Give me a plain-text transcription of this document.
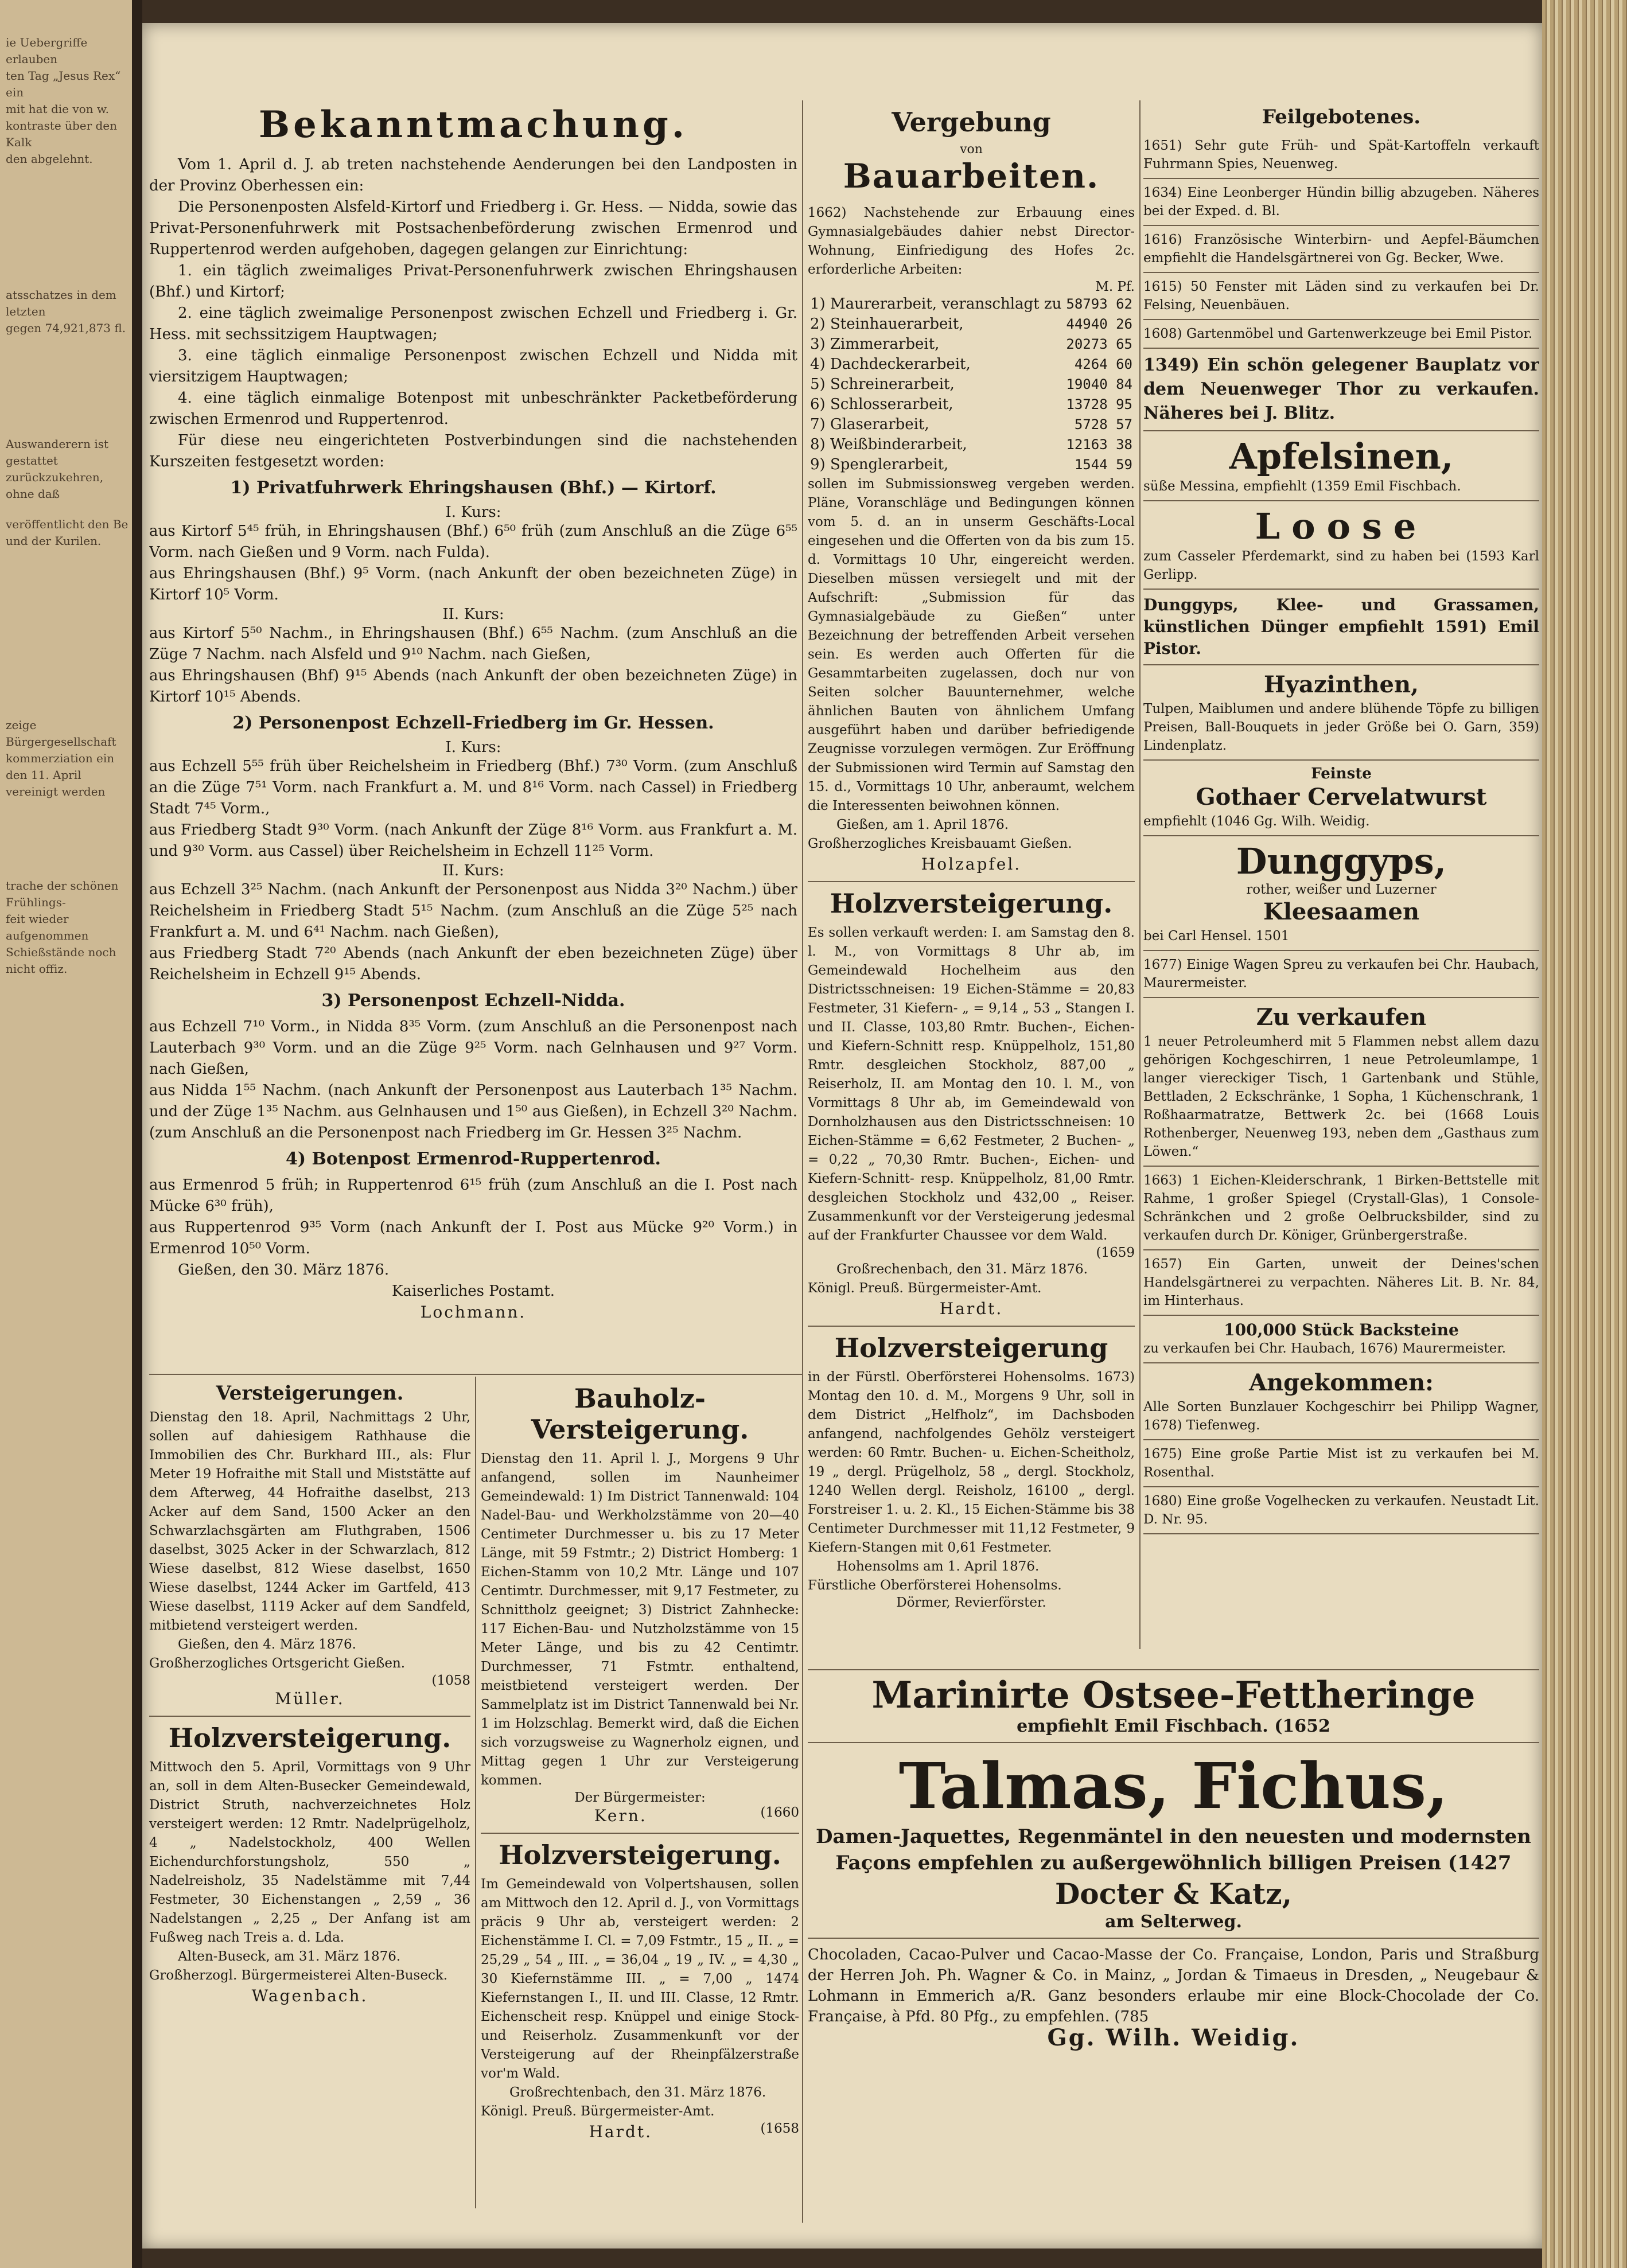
ie Uebergriffe erlauben
ten Tag „Jesus Rex“ ein
mit hat die von w.
kontraste über den Kalk
den abgelehnt.
atsschatzes in dem letzten
gegen 74,921,873 fl.
Auswanderern ist gestattet
zurückzukehren, ohne daß
veröffentlicht den Be
und der Kurilen.
zeige Bürgergesellschaft
kommerziation ein
den 11. April
vereinigt werden
trache der schönen Frühlings-
feit wieder aufgenommen
Schießstände noch nicht offiz.
Bekanntmachung.

Vom 1. April d. J. ab treten nachstehende Aenderungen bei den Landposten in der Provinz Oberhessen ein:

Die Personenposten Alsfeld-Kirtorf und Friedberg i. Gr. Hess. — Nidda, sowie das Privat-Personenfuhrwerk mit Postsachenbeförderung zwischen Ermenrod und Ruppertenrod werden aufgehoben, dagegen gelangen zur Einrichtung:

1. ein täglich zweimaliges Privat-Personenfuhrwerk zwischen Ehringshausen (Bhf.) und Kirtorf;

2. eine täglich zweimalige Personenpost zwischen Echzell und Friedberg i. Gr. Hess. mit sechssitzigem Hauptwagen;

3. eine täglich einmalige Personenpost zwischen Echzell und Nidda mit viersitzigem Hauptwagen;

4. eine täglich einmalige Botenpost mit unbeschränkter Packetbeförderung zwischen Ermenrod und Ruppertenrod.

Für diese neu eingerichteten Postverbindungen sind die nachstehenden Kurszeiten festgesetzt worden:

1) Privatfuhrwerk Ehringshausen (Bhf.) — Kirtorf.
I. Kurs:

aus Kirtorf 5⁴⁵ früh, in Ehringshausen (Bhf.) 6⁵⁰ früh (zum Anschluß an die Züge 6⁵⁵ Vorm. nach Gießen und 9 Vorm. nach Fulda).

aus Ehringshausen (Bhf.) 9⁵ Vorm. (nach Ankunft der oben bezeichneten Züge) in Kirtorf 10⁵ Vorm.

II. Kurs:

aus Kirtorf 5⁵⁰ Nachm., in Ehringshausen (Bhf.) 6⁵⁵ Nachm. (zum Anschluß an die Züge 7 Nachm. nach Alsfeld und 9¹⁰ Nachm. nach Gießen,

aus Ehringshausen (Bhf) 9¹⁵ Abends (nach Ankunft der oben bezeichneten Züge) in Kirtorf 10¹⁵ Abends.

2) Personenpost Echzell-Friedberg im Gr. Hessen.
I. Kurs:

aus Echzell 5⁵⁵ früh über Reichelsheim in Friedberg (Bhf.) 7³⁰ Vorm. (zum Anschluß an die Züge 7⁵¹ Vorm. nach Frankfurt a. M. und 8¹⁶ Vorm. nach Cassel) in Friedberg Stadt 7⁴⁵ Vorm.,

aus Friedberg Stadt 9³⁰ Vorm. (nach Ankunft der Züge 8¹⁶ Vorm. aus Frankfurt a. M. und 9³⁰ Vorm. aus Cassel) über Reichelsheim in Echzell 11²⁵ Vorm.

II. Kurs:

aus Echzell 3²⁵ Nachm. (nach Ankunft der Personenpost aus Nidda 3²⁰ Nachm.) über Reichelsheim in Friedberg Stadt 5¹⁵ Nachm. (zum Anschluß an die Züge 5²⁵ nach Frankfurt a. M. und 6⁴¹ Nachm. nach Gießen),

aus Friedberg Stadt 7²⁰ Abends (nach Ankunft der eben bezeichneten Züge) über Reichelsheim in Echzell 9¹⁵ Abends.

3) Personenpost Echzell-Nidda.

aus Echzell 7¹⁰ Vorm., in Nidda 8³⁵ Vorm. (zum Anschluß an die Personenpost nach Lauterbach 9³⁰ Vorm. und an die Züge 9²⁵ Vorm. nach Gelnhausen und 9²⁷ Vorm. nach Gießen,

aus Nidda 1⁵⁵ Nachm. (nach Ankunft der Personenpost aus Lauterbach 1³⁵ Nachm. und der Züge 1³⁵ Nachm. aus Gelnhausen und 1⁵⁰ aus Gießen), in Echzell 3²⁰ Nachm. (zum Anschluß an die Personenpost nach Friedberg im Gr. Hessen 3²⁵ Nachm.

4) Botenpost Ermenrod-Ruppertenrod.

aus Ermenrod 5 früh; in Ruppertenrod 6¹⁵ früh (zum Anschluß an die I. Post nach Mücke 6³⁰ früh),

aus Ruppertenrod 9³⁵ Vorm (nach Ankunft der I. Post aus Mücke 9²⁰ Vorm.) in Ermenrod 10⁵⁰ Vorm.

Gießen, den 30. März 1876.

Kaiserliches Postamt.
Lochmann.
Versteigerungen.

Dienstag den 18. April, Nachmittags 2 Uhr, sollen auf dahiesigem Rathhause die Immobilien des Chr. Burkhard III., als: Flur Meter 19 Hofraithe mit Stall und Miststätte auf dem Afterweg, 44 Hofraithe daselbst, 213 Acker auf dem Sand, 1500 Acker an den Schwarzlachsgärten am Fluthgraben, 1506 daselbst, 3025 Acker in der Schwarzlach, 812 Wiese daselbst, 812 Wiese daselbst, 1650 Wiese daselbst, 1244 Acker im Gartfeld, 413 Wiese daselbst, 1119 Acker auf dem Sandfeld, mitbietend versteigert werden.

Gießen, den 4. März 1876.

Großherzogliches Ortsgericht Gießen.

(1058
Müller.
Holzversteigerung.

Mittwoch den 5. April, Vormittags von 9 Uhr an, soll in dem Alten-Busecker Gemeindewald, District Struth, nachverzeichnetes Holz versteigert werden: 12 Rmtr. Nadelprügelholz, 4 „ Nadelstockholz, 400 Wellen Eichendurchforstungsholz, 550 „ Nadelreisholz, 35 Nadelstämme mit 7,44 Festmeter, 30 Eichenstangen „ 2,59 „ 36 Nadelstangen „ 2,25 „ Der Anfang ist am Fußweg nach Treis a. d. Lda.

Alten-Buseck, am 31. März 1876.

Großherzogl. Bürgermeisterei Alten-Buseck.

Wagenbach.
Bauholz-Versteigerung.

Dienstag den 11. April l. J., Morgens 9 Uhr anfangend, sollen im Naunheimer Gemeindewald: 1) Im District Tannenwald: 104 Nadel-Bau- und Werkholzstämme von 20—40 Centimeter Durchmesser u. bis zu 17 Meter Länge, mit 59 Fstmtr.; 2) District Homberg: 1 Eichen-Stamm von 10,2 Mtr. Länge und 107 Centimtr. Durchmesser, mit 9,17 Festmeter, zu Schnittholz geeignet; 3) District Zahnhecke: 117 Eichen-Bau- und Nutzholzstämme von 15 Meter Länge, und bis zu 42 Centimtr. Durchmesser, 71 Fstmtr. enthaltend, meistbietend versteigert werden. Der Sammelplatz ist im District Tannenwald bei Nr. 1 im Holzschlag. Bemerkt wird, daß die Eichen sich vorzugsweise zu Wagnerholz eignen, und Mittag gegen 1 Uhr zur Versteigerung kommen.

Der Bürgermeister:
Kern.	(1660
Holzversteigerung.

Im Gemeindewald von Volpertshausen, sollen am Mittwoch den 12. April d. J., von Vormittags präcis 9 Uhr ab, versteigert werden: 2 Eichenstämme I. Cl. = 7,09 Fstmtr., 15 „ II. „ = 25,29 „ 54 „ III. „ = 36,04 „ 19 „ IV. „ = 4,30 „ 30 Kiefernstämme III. „ = 7,00 „ 1474 Kiefernstangen I., II. und III. Classe, 12 Rmtr. Eichenscheit resp. Knüppel und einige Stock- und Reiserholz. Zusammenkunft vor der Versteigerung auf der Rheinpfälzerstraße vor'm Wald.

Großrechtenbach, den 31. März 1876.

Königl. Preuß. Bürgermeister-Amt.

Hardt.	(1658
Vergebung
von
Bauarbeiten.

1662) Nachstehende zur Erbauung eines Gymnasialgebäudes dahier nebst Director-Wohnung, Einfriedigung des Hofes 2c. erforderliche Arbeiten:

M. Pf.
1) Maurerarbeit, veranschlagt zu	58793 62
2) Steinhauerarbeit,	44940 26
3) Zimmerarbeit,	20273 65
4) Dachdeckerarbeit,	4264 60
5) Schreinerarbeit,	19040 84
6) Schlosserarbeit,	13728 95
7) Glaserarbeit,	5728 57
8) Weißbinderarbeit,	12163 38
9) Spenglerarbeit,	1544 59

sollen im Submissionsweg vergeben werden. Pläne, Voranschläge und Bedingungen können vom 5. d. an in unserm Geschäfts-Local eingesehen und die Offerten von da bis zum 15. d. Vormittags 10 Uhr, eingereicht werden. Dieselben müssen versiegelt und mit der Aufschrift: „Submission für das Gymnasialgebäude zu Gießen“ unter Bezeichnung der betreffenden Arbeit versehen sein. Es werden auch Offerten für die Gesammtarbeiten zugelassen, doch nur von Seiten solcher Bauunternehmer, welche ähnlichen Bauten von ähnlichem Umfang ausgeführt haben und darüber befriedigende Zeugnisse vorzulegen vermögen. Zur Eröffnung der Submissionen wird Termin auf Samstag den 15. d., Vormittags 10 Uhr, anberaumt, welchem die Interessenten beiwohnen können.

Gießen, am 1. April 1876.

Großherzogliches Kreisbauamt Gießen.

Holzapfel.
Holzversteigerung.

Es sollen verkauft werden: I. am Samstag den 8. l. M., von Vormittags 8 Uhr ab, im Gemeindewald Hochelheim aus den Districtsschneisen: 19 Eichen-Stämme = 20,83 Festmeter, 31 Kiefern- „ = 9,14 „ 53 „ Stangen I. und II. Classe, 103,80 Rmtr. Buchen-, Eichen- und Kiefern-Schnitt resp. Knüppelholz, 151,80 Rmtr. desgleichen Stockholz, 887,00 „ Reiserholz, II. am Montag den 10. l. M., von Vormittags 8 Uhr ab, im Gemeindewald von Dornholzhausen aus den Districtsschneisen: 10 Eichen-Stämme = 6,62 Festmeter, 2 Buchen- „ = 0,22 „ 70,30 Rmtr. Buchen-, Eichen- und Kiefern-Schnitt- resp. Knüppelholz, 81,00 Rmtr. desgleichen Stockholz und 432,00 „ Reiser. Zusammenkunft vor der Versteigerung jedesmal auf der Frankfurter Chaussee vor dem Wald.

(1659

Großrechenbach, den 31. März 1876.

Königl. Preuß. Bürgermeister-Amt.

Hardt.
Holzversteigerung

in der Fürstl. Oberförsterei Hohensolms. 1673) Montag den 10. d. M., Morgens 9 Uhr, soll in dem District „Helfholz“, im Dachsboden anfangend, nachfolgendes Gehölz versteigert werden: 60 Rmtr. Buchen- u. Eichen-Scheitholz, 19 „ dergl. Prügelholz, 58 „ dergl. Stockholz, 1240 Wellen dergl. Reisholz, 16100 „ dergl. Forstreiser 1. u. 2. Kl., 15 Eichen-Stämme bis 38 Centimeter Durchmesser mit 11,12 Festmeter, 9 Kiefern-Stangen mit 0,61 Festmeter.

Hohensolms am 1. April 1876.

Fürstliche Oberförsterei Hohensolms.

Dörmer, Revierförster.
Feilgebotenes.

1651) Sehr gute Früh- und Spät-Kartoffeln verkauft Fuhrmann Spies, Neuenweg.

1634) Eine Leonberger Hündin billig abzugeben. Näheres bei der Exped. d. Bl.

1616) Französische Winterbirn- und Aepfel-Bäumchen empfiehlt die Handelsgärtnerei von Gg. Becker, Wwe.

1615) 50 Fenster mit Läden sind zu verkaufen bei Dr. Felsing, Neuenbäuen.

1608) Gartenmöbel und Gartenwerkzeuge bei Emil Pistor.

1349) Ein schön gelegener Bauplatz vor dem Neuenweger Thor zu verkaufen. Näheres bei J. Blitz.

Apfelsinen,

süße Messina, empfiehlt (1359 Emil Fischbach.

Loose

zum Casseler Pferdemarkt, sind zu haben bei (1593 Karl Gerlipp.

Dunggyps, Klee- und Grassamen, künstlichen Dünger empfiehlt 1591) Emil Pistor.

Hyazinthen,

Tulpen, Maiblumen und andere blühende Töpfe zu billigen Preisen, Ball-Bouquets in jeder Größe bei O. Garn, 359) Lindenplatz.

Feinste
Gothaer Cervelatwurst

empfiehlt (1046 Gg. Wilh. Weidig.

Dunggyps,
rother, weißer und Luzerner
Kleesaamen

bei Carl Hensel. 1501

1677) Einige Wagen Spreu zu verkaufen bei Chr. Haubach, Maurermeister.

Zu verkaufen

1 neuer Petroleumherd mit 5 Flammen nebst allem dazu gehörigen Kochgeschirren, 1 neue Petroleumlampe, 1 langer viereckiger Tisch, 1 Gartenbank und Stühle, Bettladen, 2 Eckschränke, 1 Sopha, 1 Küchenschrank, 1 Roßhaarmatratze, Bettwerk 2c. bei (1668 Louis Rothenberger, Neuenweg 193, neben dem „Gasthaus zum Löwen.“

1663) 1 Eichen-Kleiderschrank, 1 Birken-Bettstelle mit Rahme, 1 großer Spiegel (Crystall-Glas), 1 Console-Schränkchen und 2 große Oelbrucksbilder, sind zu verkaufen durch Dr. Königer, Grünbergerstraße.

1657) Ein Garten, unweit der Deines'schen Handelsgärtnerei zu verpachten. Näheres Lit. B. Nr. 84, im Hinterhaus.

100,000 Stück Backsteine

zu verkaufen bei Chr. Haubach, 1676) Maurermeister.

Angekommen:

Alle Sorten Bunzlauer Kochgeschirr bei Philipp Wagner, 1678) Tiefenweg.

1675) Eine große Partie Mist ist zu verkaufen bei M. Rosenthal.

1680) Eine große Vogelhecken zu verkaufen. Neustadt Lit. D. Nr. 95.

Marinirte Ostsee-Fettheringe
empfiehlt Emil Fischbach. (1652
Talmas, Fichus,

Damen-Jaquettes, Regenmäntel in den neuesten und modernsten Façons empfehlen zu außergewöhnlich billigen Preisen (1427

Docter & Katz,
am Selterweg.

Chocoladen, Cacao-Pulver und Cacao-Masse der Co. Française, London, Paris und Straßburg der Herren Joh. Ph. Wagner & Co. in Mainz, „ Jordan & Timaeus in Dresden, „ Neugebaur & Lohmann in Emmerich a/R. Ganz besonders erlaube mir eine Block-Chocolade der Co. Française, à Pfd. 80 Pfg., zu empfehlen. (785

Gg. Wilh. Weidig.
